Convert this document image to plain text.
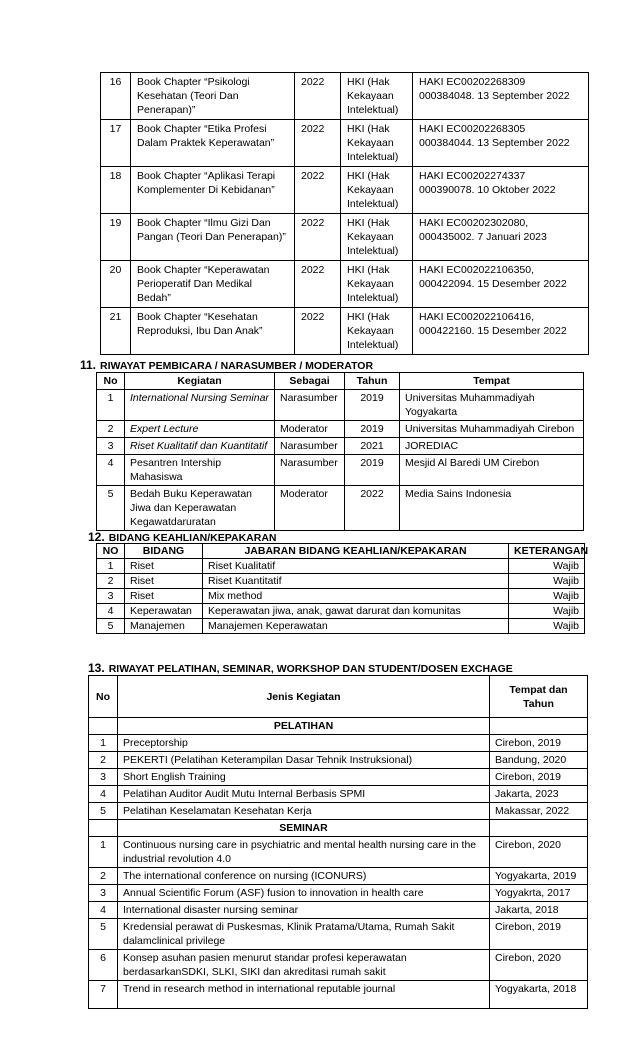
16	Book Chapter “Psikologi Kesehatan (Teori Dan Penerapan)”	2022	HKI (Hak Kekayaan Intelektual)	HAKI EC00202268309 000384048. 13 September 2022
17	Book Chapter “Etika Profesi Dalam Praktek Keperawatan”	2022	HKI (Hak Kekayaan Intelektual)	HAKI EC00202268305 000384044. 13 September 2022
18	Book Chapter “Aplikasi Terapi Komplementer Di Kebidanan”	2022	HKI (Hak Kekayaan Intelektual)	HAKI EC00202274337 000390078. 10 Oktober 2022
19	Book Chapter “Ilmu Gizi Dan Pangan (Teori Dan Penerapan)”	2022	HKI (Hak Kekayaan Intelektual)	HAKI EC00202302080, 000435002. 7 Januari 2023
20	Book Chapter “Keperawatan Perioperatif Dan Medikal Bedah”	2022	HKI (Hak Kekayaan Intelektual)	HAKI EC002022106350, 000422094. 15 Desember 2022
21	Book Chapter “Kesehatan Reproduksi, Ibu Dan Anak”	2022	HKI (Hak Kekayaan Intelektual)	HAKI EC002022106416, 000422160. 15 Desember 2022
11. RIWAYAT PEMBICARA / NARASUMBER / MODERATOR
No	Kegiatan	Sebagai	Tahun	Tempat
1	International Nursing Seminar	Narasumber	2019	Universitas Muhammadiyah Yogyakarta
2	Expert Lecture	Moderator	2019	Universitas Muhammadiyah Cirebon
3	Riset Kualitatif dan Kuantitatif	Narasumber	2021	JOREDIAC
4	Pesantren Intership Mahasiswa	Narasumber	2019	Mesjid Al Baredi UM Cirebon
5	Bedah Buku Keperawatan Jiwa dan Keperawatan Kegawatdaruratan	Moderator	2022	Media Sains Indonesia
12. BIDANG KEAHLIAN/KEPAKARAN
NO	BIDANG	JABARAN BIDANG KEAHLIAN/KEPAKARAN	KETERANGAN
1	Riset	Riset Kualitatif	Wajib
2	Riset	Riset Kuantitatif	Wajib
3	Riset	Mix method	Wajib
4	Keperawatan	Keperawatan jiwa, anak, gawat darurat dan komunitas	Wajib
5	Manajemen	Manajemen Keperawatan	Wajib
13. RIWAYAT PELATIHAN, SEMINAR, WORKSHOP DAN STUDENT/DOSEN EXCHAGE
No	Jenis Kegiatan	Tempat dan Tahun
	PELATIHAN	
1	Preceptorship	Cirebon, 2019
2	PEKERTI (Pelatihan Keterampilan Dasar Tehnik Instruksional)	Bandung, 2020
3	Short English Training	Cirebon, 2019
4	Pelatihan Auditor Audit Mutu Internal Berbasis SPMI	Jakarta, 2023
5	Pelatihan Keselamatan Kesehatan Kerja	Makassar, 2022
	SEMINAR	
1	Continuous nursing care in psychiatric and mental health nursing care in the industrial revolution 4.0	Cirebon, 2020
2	The international conference on nursing (ICONURS)	Yogyakarta, 2019
3	Annual Scientific Forum (ASF) fusion to innovation in health care	Yogyakrta, 2017
4	International disaster nursing seminar	Jakarta, 2018
5	Kredensial perawat di Puskesmas, Klinik Pratama/Utama, Rumah Sakit dalamclinical privilege	Cirebon, 2019
6	Konsep asuhan pasien menurut standar profesi keperawatan berdasarkanSDKI, SLKI, SIKI dan akreditasi rumah sakit	Cirebon, 2020
7	Trend in research method in international reputable journal	Yogyakarta, 2018
